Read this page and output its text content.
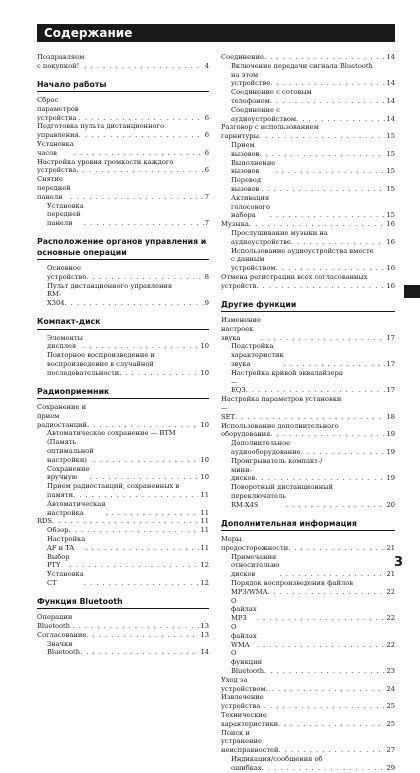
Содержание
Поздравляем с покупкой! . . .	4
Начало работы
Сброс параметров устройства . . .	6
Подготовка пульта дистанционного
управления . . .	6
Установка часов . . .	6
Настройка уровня громкости каждого
устройства . . .	6
Снятие передней панели . . .	7
Установка передней панели . . .	7
Расположение органов управления и основные операции
Основное устройство . . .	8
Пульт дистанционного управления
RM-X304 . . .	9
Компакт-диск
Элементы дисплея . . .	10
Повторное воспроизведение и
воспроизведение в случайной
последовательности . . .	10
Радиоприемник
Сохранение и прием радиостанций . . .	10
Автоматическое сохранение — BTM
(Память оптимальной настройки) . . .	10
Сохранение вручную . . .	10
Прием радиостанций, сохраненных в
памяти . . .	11
Автоматическая настройка . . .	11
RDS . . .	11
Обзор . . .	11
Настройка AF и TA . . .	11
Выбор PTY . . .	12
Установка CT . . .	12
Функция Bluetooth
Операции Bluetooth . . .	13
Согласование . . .	13
Значки Bluetooth . . .	14
Соединение . . .	14
Включение передачи сигнала Bluetooth
на этом устройстве . . .	14
Соединение с сотовым
телефоном . . .	14
Соединение с аудиоустройством . . .	14
Разговор с использованием
гарнитуры . . .	15
Прием вызовов . . .	15
Выполнение вызовов . . .	15
Перевод вызовов . . .	15
Активация голосового набора . . .	15
Музыка . . .	16
Прослушивание музыки на
аудиоустройстве . . .	16
Использование аудиоустройства вместе
с данным устройством . . .	16
Отмена регистрации всех согласованных
устройств . . .	16
Другие функции
Изменение настроек звука . . .	17
Подстройка характеристик звука . . .	17
Настройка кривой эквалайзера
— EQ3 . . .	17
Настройка параметров установки
— SET . . .	18
Использование дополнительного
оборудования . . .	19
Дополнительное
аудиооборудование . . .	19
Проигрыватель компакт-/
мини-дисков . . .	19
Поворотный дистанционный
переключатель RM-X4S . . .	20
Дополнительная информация
Меры предосторожности . . .	21
Примечания относительно дисков . . .	21
Порядок воспроизведения файлов
MP3/WMA . . .	22
О файлах MP3 . . .	22
О файлах WMA . . .	22
О функции Bluetooth . . .	23
Уход за устройством . . .	24
Извлечение устройства . . .	25
Технические характеристики . . .	25
Поиск и устранение неисправностей . . .	27
Индикация/сообщения об
ошибках . . .	29
3
